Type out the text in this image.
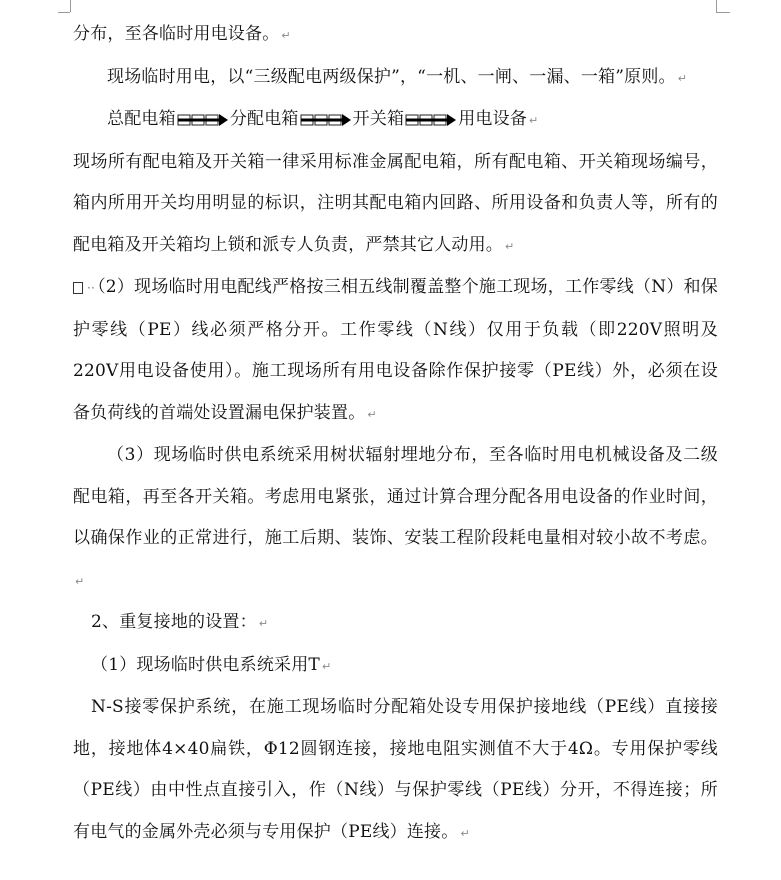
分布，至各临时用电设备。 ↵

现场临时用电，以“三级配电两级保护”，“一机、一闸、一漏、一箱”原则。 ↵

总配电箱	分配电箱	开关箱	用电设备 ↵

现场所有配电箱及开关箱一律采用标准金属配电箱，所有配电箱、开关箱现场编号，箱内所用开关均用明显的标识，注明其配电箱内回路、所用设备和负责人等，所有的配电箱及开关箱均上锁和派专人负责，严禁其它人动用。 ↵

·· （2）现场临时用电配线严格按三相五线制覆盖整个施工现场，工作零线（N）和保护零线（PE）线必须严格分开。工作零线（N线）仅用于负载（即220V照明及220V用电设备使用）。施工现场所有用电设备除作保护接零（PE线）外，必须在设备负荷线的首端处设置漏电保护装置。 ↵

（3）现场临时供电系统采用树状辐射埋地分布，至各临时用电机械设备及二级配电箱，再至各开关箱。考虑用电紧张，通过计算合理分配各用电设备的作业时间，以确保作业的正常进行，施工后期、装饰、安装工程阶段耗电量相对较小故不考虑。↵

2、重复接地的设置： ↵

（1）现场临时供电系统采用T ↵

N-S接零保护系统，在施工现场临时分配箱处设专用保护接地线（PE线）直接接地，接地体4×40扁铁，Φ12圆钢连接，接地电阻实测值不大于4Ω。专用保护零线（PE线）由中性点直接引入，作（N线）与保护零线（PE线）分开，不得连接；所有电气的金属外壳必须与专用保护（PE线）连接。 ↵
